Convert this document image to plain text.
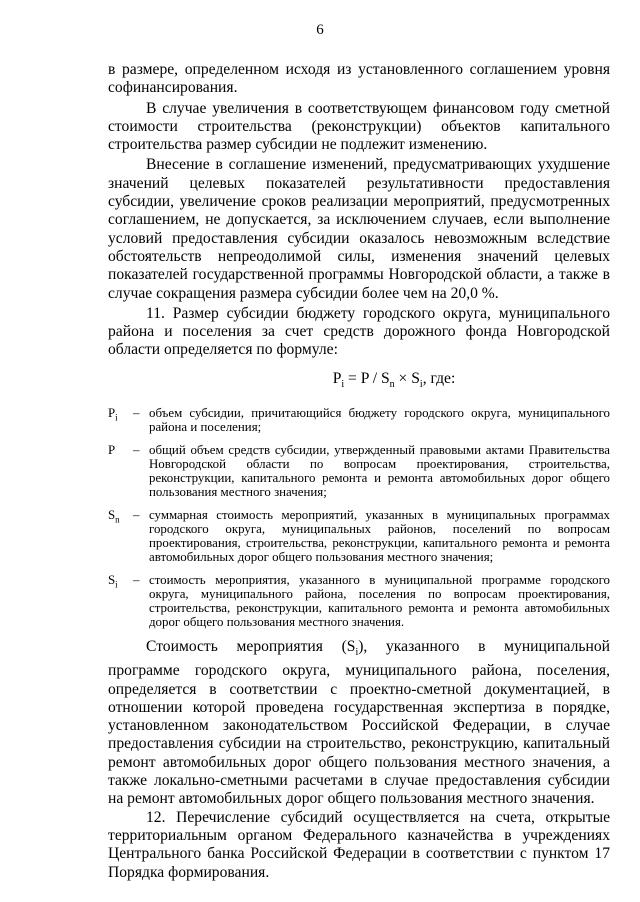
6

в размере, определенном исходя из установленного соглашением уровня софинансирования.

В случае увеличения в соответствующем финансовом году сметной стоимости строительства (реконструкции) объектов капитального строительства размер субсидии не подлежит изменению.

Внесение в соглашение изменений, предусматривающих ухудшение значений целевых показателей результативности предоставления субсидии, увеличение сроков реализации мероприятий, предусмотренных соглашением, не допускается, за исключением случаев, если выполнение условий предоставления субсидии оказалось невозможным вследствие обстоятельств непреодолимой силы, изменения значений целевых показателей государственной программы Новгородской области, а также в случае сокращения размера субсидии более чем на 20,0 %.

11. Размер субсидии бюджету городского округа, муниципального района и поселения за счет средств дорожного фонда Новгородской области определяется по формуле:

$P_i = P / S_n \times S_i$, где:
$P_i$ – объем субсидии, причитающийся бюджету городского округа, муниципального района и поселения;
P – общий объем средств субсидии, утвержденный правовыми актами Правительства Новгородской области по вопросам проектирования, строительства, реконструкции, капитального ремонта и ремонта автомобильных дорог общего пользования местного значения;
$S_n$ – суммарная стоимость мероприятий, указанных в муниципальных программах городского округа, муниципальных районов, поселений по вопросам проектирования, строительства, реконструкции, капитального ремонта и ремонта автомобильных дорог общего пользования местного значения;
$S_i$ – стоимость мероприятия, указанного в муниципальной программе городского округа, муниципального района, поселения по вопросам проектирования, строительства, реконструкции, капитального ремонта и ремонта автомобильных дорог общего пользования местного значения.

Стоимость мероприятия $(S_i)$, указанного в муниципальной программе городского округа, муниципального района, поселения, определяется в соответствии с проектно-сметной документацией, в отношении которой проведена государственная экспертиза в порядке, установленном законодательством Российской Федерации, в случае предоставления субсидии на строительство, реконструкцию, капитальный ремонт автомобильных дорог общего пользования местного значения, а также локально-сметными расчетами в случае предоставления субсидии на ремонт автомобильных дорог общего пользования местного значения.

12. Перечисление субсидий осуществляется на счета, открытые территориальным органом Федерального казначейства в учреждениях Центрального банка Российской Федерации в соответствии с пунктом 17 Порядка формирования.
